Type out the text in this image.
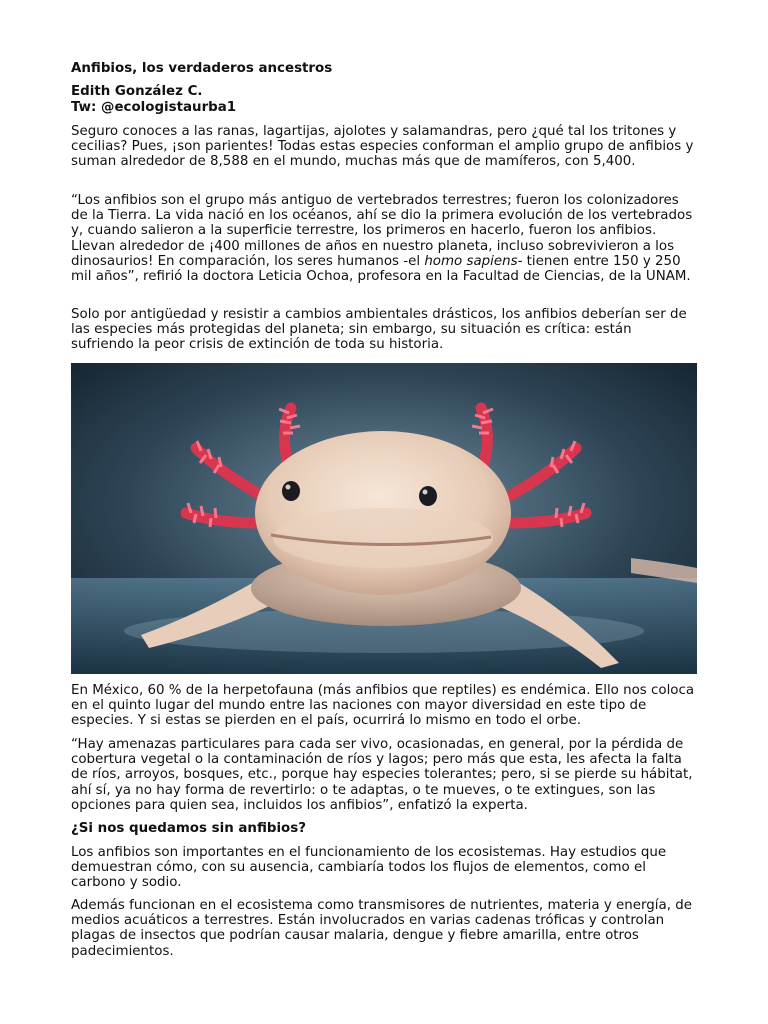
Anfibios, los verdaderos ancestros
Edith González C.
Tw: @ecologistaurba1

Seguro conoces a las ranas, lagartijas, ajolotes y salamandras, pero ¿qué tal los tritones y cecilias? Pues, ¡son parientes! Todas estas especies conforman el amplio grupo de anfibios y suman alrededor de 8,588 en el mundo, muchas más que de mamíferos, con 5,400.

“Los anfibios son el grupo más antiguo de vertebrados terrestres; fueron los colonizadores de la Tierra. La vida nació en los océanos, ahí se dio la primera evolución de los vertebrados y, cuando salieron a la superficie terrestre, los primeros en hacerlo, fueron los anfibios. Llevan alrededor de ¡400 millones de años en nuestro planeta, incluso sobrevivieron a los dinosaurios! En comparación, los seres humanos -el homo sapiens- tienen entre 150 y 250 mil años”, refirió la doctora Leticia Ochoa, profesora en la Facultad de Ciencias, de la UNAM.

Solo por antigüedad y resistir a cambios ambientales drásticos, los anfibios deberían ser de las especies más protegidas del planeta; sin embargo, su situación es crítica: están sufriendo la peor crisis de extinción de toda su historia.

En México, 60 % de la herpetofauna (más anfibios que reptiles) es endémica. Ello nos coloca en el quinto lugar del mundo entre las naciones con mayor diversidad en este tipo de especies. Y si estas se pierden en el país, ocurrirá lo mismo en todo el orbe.

“Hay amenazas particulares para cada ser vivo, ocasionadas, en general, por la pérdida de cobertura vegetal o la contaminación de ríos y lagos; pero más que esta, les afecta la falta de ríos, arroyos, bosques, etc., porque hay especies tolerantes; pero, si se pierde su hábitat, ahí sí, ya no hay forma de revertirlo: o te adaptas, o te mueves, o te extingues, son las opciones para quien sea, incluidos los anfibios”, enfatizó la experta.

¿Si nos quedamos sin anfibios?

Los anfibios son importantes en el funcionamiento de los ecosistemas. Hay estudios que demuestran cómo, con su ausencia, cambiaría todos los flujos de elementos, como el carbono y sodio.

Además funcionan en el ecosistema como transmisores de nutrientes, materia y energía, de medios acuáticos a terrestres. Están involucrados en varias cadenas tróficas y controlan plagas de insectos que podrían causar malaria, dengue y fiebre amarilla, entre otros padecimientos.
